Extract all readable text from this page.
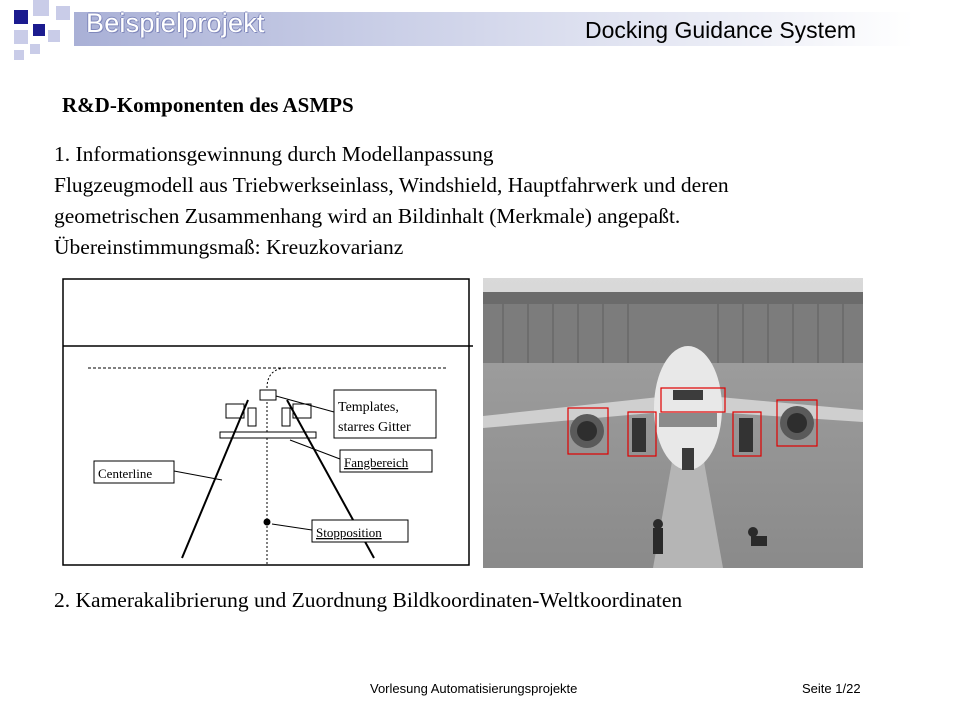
Beispielprojekt	Docking Guidance System
R&D-Komponenten des ASMPS
1. Informationsgewinnung durch Modellanpassung
Flugzeugmodell aus Triebwerkseinlass, Windshield, Hauptfahrwerk und deren
geometrischen Zusammenhang wird an Bildinhalt (Merkmale) angepaßt.
Übereinstimmungsmaß: Kreuzkovarianz
Templates,
starres Gitter
Fangbereich
Centerline
Stopposition
2. Kamerakalibrierung und Zuordnung Bildkoordinaten-Weltkoordinaten
Vorlesung Automatisierungsprojekte	Seite 1/22
